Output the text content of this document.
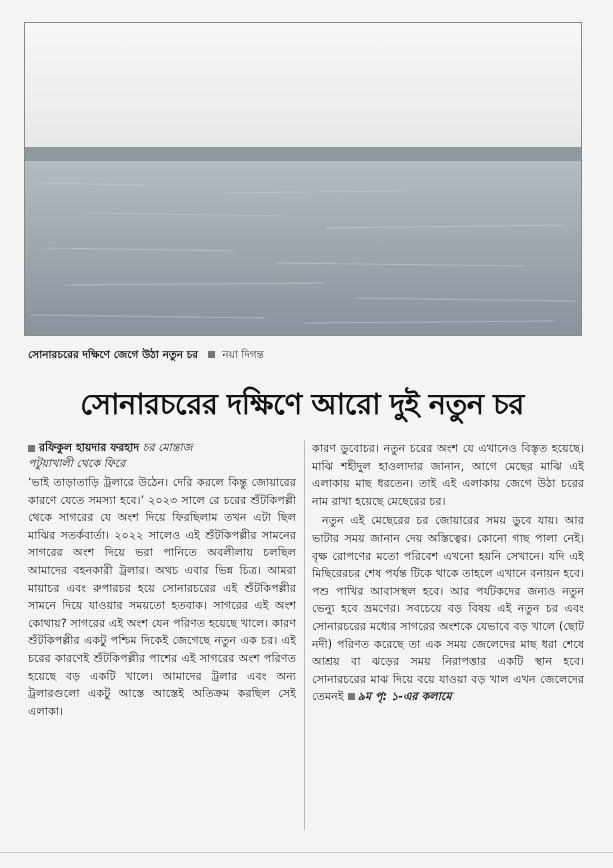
সোনারচরের দক্ষিণে জেগে উঠা নতুন চর নয়া দিগন্ত
সোনারচরের দক্ষিণে আরো দুই নতুন চর
রফিকুল হায়দার ফরহাদ চর মোন্তাজ
পটুয়াখালী থেকে ফিরে

‘ভাই তাড়াতাড়ি ট্রলারে উঠেন। দেরি করলে কিন্তু জোয়ারের কারণে যেতে সমস্যা হবে।’ ২০২৩ সালে রে চরের শুঁটকিপল্লী থেকে সাগরের যে অংশ দিয়ে ফিরছিলাম তখন এটা ছিল মাঝির সতর্কবার্তা। ২০২২ সালেও এই শুঁটকিপল্লীর সামনের সাগরের অংশ দিয়ে ভরা পানিতে অবলীলায় চলছিল আমাদের বহনকারী ট্রলার। অথচ এবার ভিন্ন চিত্র। আমরা মায়াচর এবং রুপারচর হয়ে সোনারচরের এই শুঁটকিপল্লীর সামনে দিয়ে যাওয়ার সময়তো হতবাক। সাগরের এই অংশ কোথায়? সাগরের এই অংশ যেন পরিণত হয়েছে খালে। কারণ শুঁটকিপল্লীর একটু পশ্চিম দিকেই জেগেছে নতুন এক চর। এই চরের কারণেই শুঁটকিপল্লীর পাশের এই সাগরের অংশ পরিণত হয়েছে বড় একটি খালে। আমাদের ট্রলার এবং অন্য ট্রলারগুলো একটু আস্তে আস্তেই অতিক্রম করছিল সেই এলাকা।

কারণ ডুবোচর। নতুন চরের অংশ যে এখানেও বিস্তৃত হয়েছে। মাঝি শহীদুল হাওলাদার জানান, আগে মেছের মাঝি এই এলাকায় মাছ ধরতেন। তাই এই এলাকায় জেগে উঠা চরের নাম রাখা হয়েছে মেছেরের চর।

নতুন এই মেছেরের চর জোয়ারের সময় ডুবে যায়। আর ভাটার সময় জানান দেয় অস্তিত্বের। কোনো গাছ পালা নেই। বৃক্ষ রোপণের মতো পরিবেশ এখনো হয়নি সেখানে। যদি এই মিছিরেরচর শেষ পর্যন্ত টিকে থাকে তাহলে এখানে বনায়ন হবে। পশু পাখির আবাসস্থল হবে। আর পর্যটকদের জন্যও নতুন ভেন্যু হবে ভ্রমণের। সবচেয়ে বড় বিষয় এই নতুন চর এবং সোনারচরের মধ্যের সাগরের অংশকে যেভাবে বড় খালে (ছোট নদী) পরিণত করেছে তা এক সময় জেলেদের মাছ ধরা শেষে আশ্রয় বা ঝড়ের সময় নিরাপত্তার একটি স্থান হবে। সোনারচরের মাঝ দিয়ে বয়ে যাওয়া বড় খাল এখন জেলেদের তেমনই ৯ম পৃ: ১-এর কলামে
